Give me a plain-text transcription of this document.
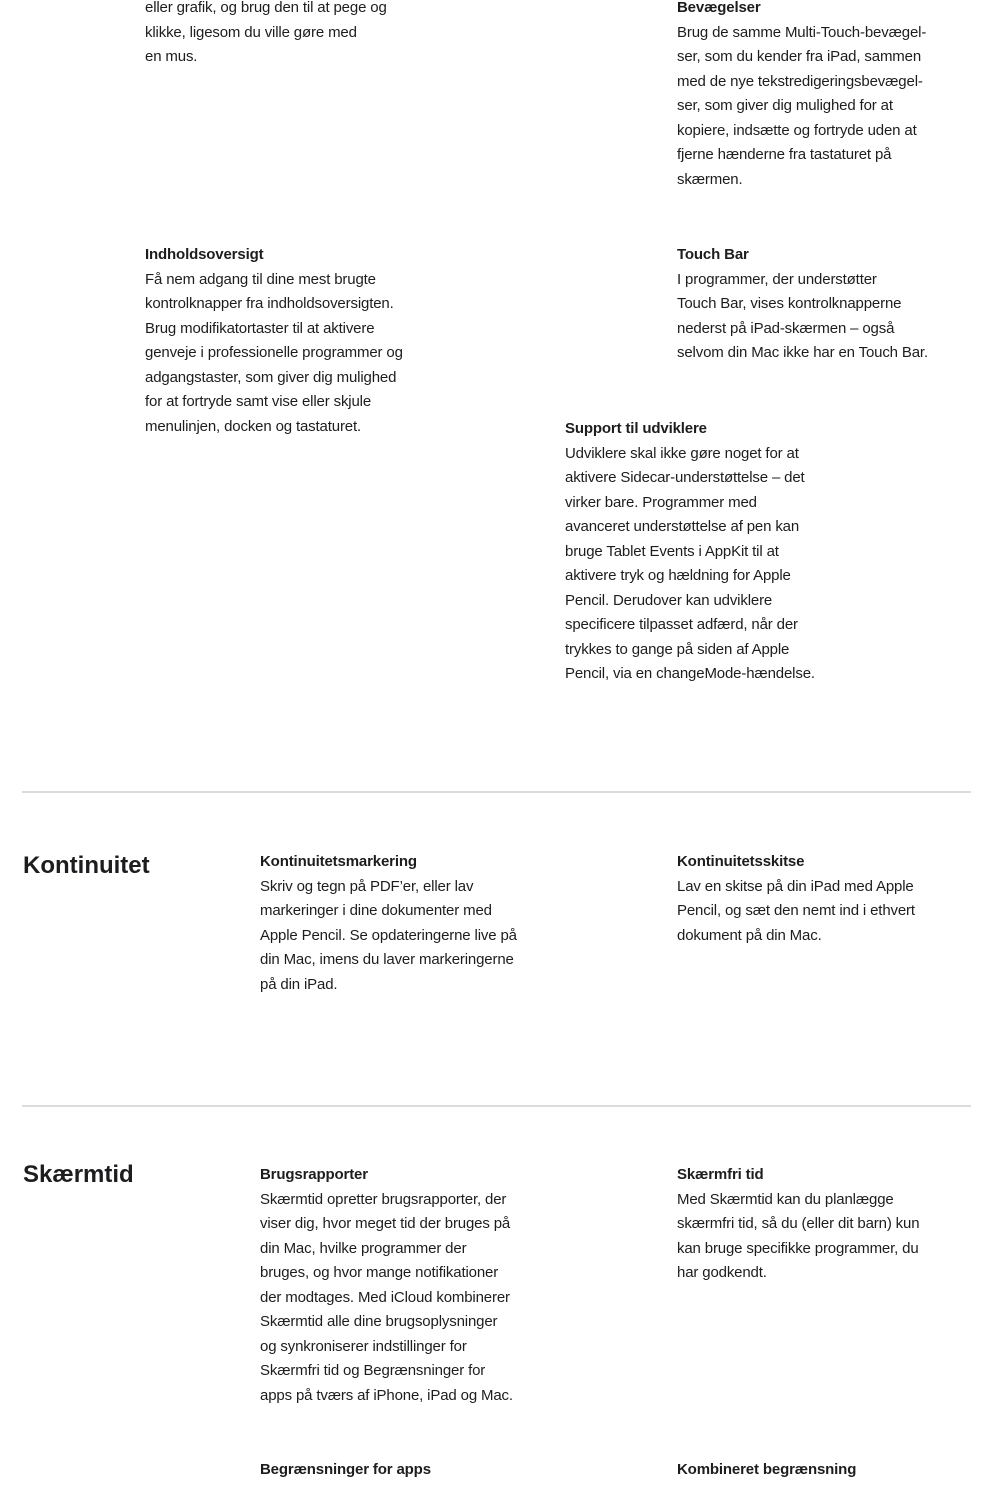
eller grafik, og brug den til at pege og
klikke, ligesom du ville gøre med
en mus.
Bevægelser
Brug de samme Multi-Touch-bevægel-
ser, som du kender fra iPad, sammen
med de nye tekstredigeringsbevægel-
ser, som giver dig mulighed for at
kopiere, indsætte og fortryde uden at
fjerne hænderne fra tastaturet på
skærmen.
Indholdsoversigt
Få nem adgang til dine mest brugte
kontrolknapper fra indholdsoversigten.
Brug modifikatortaster til at aktivere
genveje i professionelle programmer og
adgangstaster, som giver dig mulighed
for at fortryde samt vise eller skjule
menulinjen, docken og tastaturet.
Touch Bar
I programmer, der understøtter
Touch Bar, vises kontrolknapperne
nederst på iPad-skærmen – også
selvom din Mac ikke har en Touch Bar.
Support til udviklere
Udviklere skal ikke gøre noget for at
aktivere Sidecar-understøttelse – det
virker bare. Programmer med
avanceret understøttelse af pen kan
bruge Tablet Events i AppKit til at
aktivere tryk og hældning for Apple
Pencil. Derudover kan udviklere
specificere tilpasset adfærd, når der
trykkes to gange på siden af Apple
Pencil, via en changeMode-hændelse.
Kontinuitet	Kontinuitetsmarkering
Skriv og tegn på PDF’er, eller lav
markeringer i dine dokumenter med
Apple Pencil. Se opdateringerne live på
din Mac, imens du laver markeringerne
på din iPad.
Kontinuitetsskitse
Lav en skitse på din iPad med Apple
Pencil, og sæt den nemt ind i ethvert
dokument på din Mac.
Skærmtid	Brugsrapporter
Skærmtid opretter brugsrapporter, der
viser dig, hvor meget tid der bruges på
din Mac, hvilke programmer der
bruges, og hvor mange notifikationer
der modtages. Med iCloud kombinerer
Skærmtid alle dine brugsoplysninger
og synkroniserer indstillinger for
Skærmfri tid og Begrænsninger for
apps på tværs af iPhone, iPad og Mac.
Skærmfri tid
Med Skærmtid kan du planlægge
skærmfri tid, så du (eller dit barn) kun
kan bruge specifikke programmer, du
har godkendt.
Begrænsninger for apps	Kombineret begrænsning
